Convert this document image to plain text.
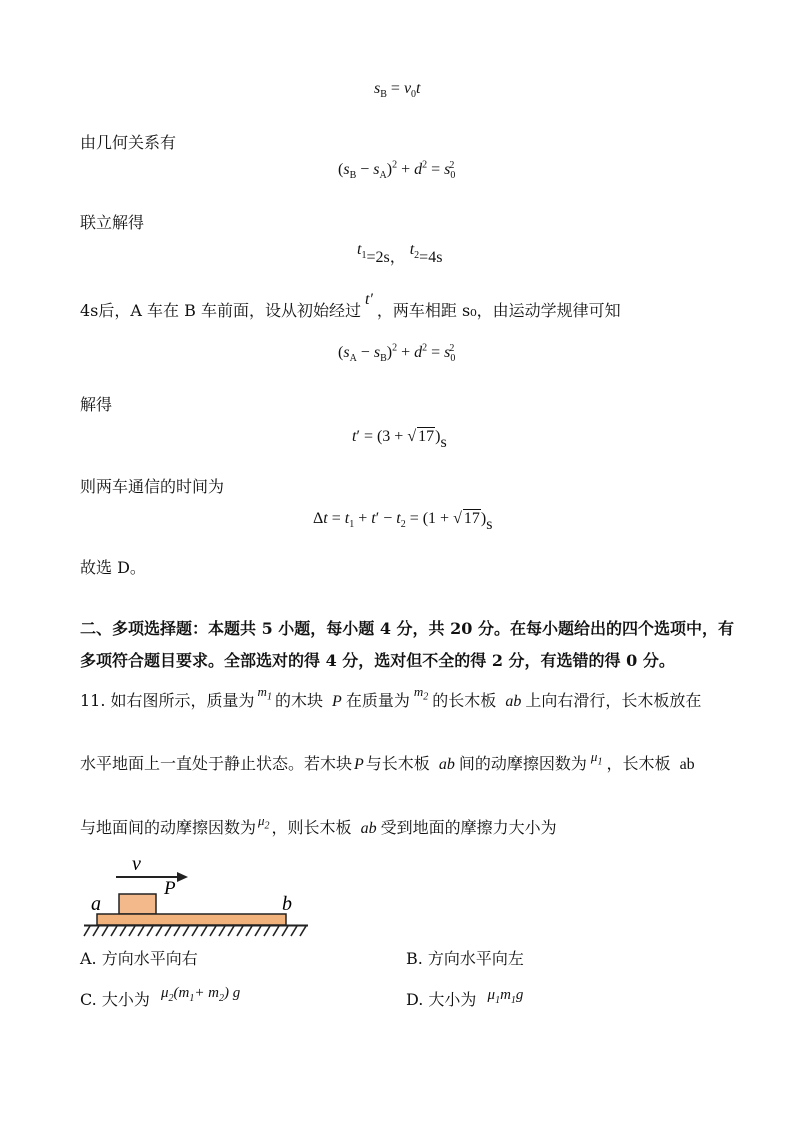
$s_B = v_0t$
由几何关系有
$(s_B - s_A)^2 + d^2 = s_0^2$
联立解得
$t_1=2s$， $t_2=4s$
4s后，A 车在 B 车前面，设从初始经过t′，两车相距 s₀，由运动学规律可知
$(s_A - s_B)^2 + d^2 = s_0^2$
解得
t′ = (3 + √ 17)s
则两车通信的时间为
$\Delta t = t_1 + t' - t_2 = (1$ + √ 17)s
故选 D。
二、多项选择题：本题共 5 小题，每小题 4 分，共 20 分。在每小题给出的四个选项中，有
多项符合题目要求。全部选对的得 4 分，选对但不全的得 2 分，有选错的得 0 分。
11. 如右图所示，质量为 $^{m_1}$ 的木块 P 在质量为 $^{m_2}$ 的长木板 ab 上向右滑行，长木板放在
水平地面上一直处于静止状态。若木块 P 与长木板 ab 间的动摩擦因数为 $^{\mu_1}$ ，长木板 ab
与地面间的动摩擦因数为 $^{\mu_2}$ ，则长木板 ab 受到地面的摩擦力大小为
v
P
a	b
A. 方向水平向右	B. 方向水平向左
C. 大小为 $\mu_2(m_1+ m_2)$ g	D. 大小为 $\mu_1m_1g$
